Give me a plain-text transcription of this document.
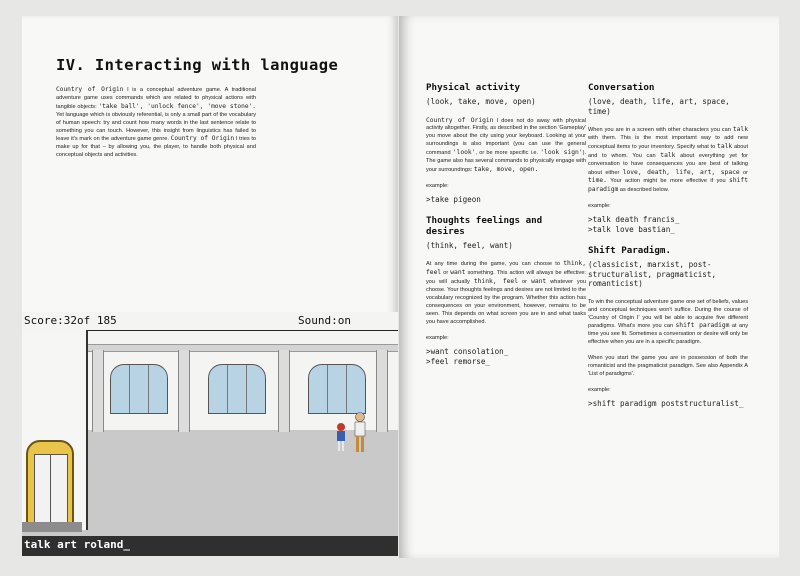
IV. Interacting with language
Country of Origin I is a conceptual adventure game. A traditional adventure game uses commands which are related to physical actions with tangible objects: 'take ball', 'unlock fence', 'move stone'. Yet language which is obviously referential, is only a small part of the vocabulary of human speech: try and count how many words in the last sentence relate to something you can touch. However, this insight from linguistics has failed to leave it's mark on the adventure game genre. Country of Origin I tries to make up for that – by allowing you, the player, to handle both physical and conceptual objects and activities.
Score:32of 185	Sound:on
talk art roland_
Physical activity
(look, take, move, open)
Country of Origin I does not do away with physical activity altogether. Firstly, as described in the section 'Gameplay' you move about the city using your keyboard. Looking at your surroundings is also important (you can use the general command 'look', or be more specific i.e. 'look sign'). The game also has several commands to physically engage with your surroundings: take, move, open.
example:
>take pigeon
Thoughts feelings and desires
(think, feel, want)
At any time during the game, you can choose to think, feel or want something. This action will always be effective: you will actually think, feel or want whatever you choose. Your thoughts feelings and desires are not limited to the vocabulary recognized by the program. Whether this action has consequences on your environment, however, remains to be seen. This depends on what screen you are in and what tasks you have accomplished.
example:
>want consolation_
>feel remorse_
Conversation
(love, death, life, art, space, time)
When you are in a screen with other characters you can talk with them. This is the most importamt way to add new conceptual items to your inventory. Specify what to talk about and to whom. You can talk about everything yet for conversation to have consequences you are best of talking about either love, death, life, art, space or time. Your action might be more effective if you shift paradigm as described below.
example:
>talk death francis_
>talk love bastian_
Shift Paradigm.
(classicist, marxist, post-structuralist, pragmaticist, romanticist)
To win the conceptual adventure game one set of beliefs, values and conceptual techniques won't suffice. During the course of 'Country of Origin I' you will be able to acquire five different paradigms. What's more you can shift paradigm at any time you see fit. Sometimes a conversation or desire will only be effective when you are in a specific paradigm.
When you start the game you are in possession of both the romanticist and the pragmaticist paradigm. See also Appendix A 'List of paradigms'.
example:
>shift paradigm poststructuralist_
